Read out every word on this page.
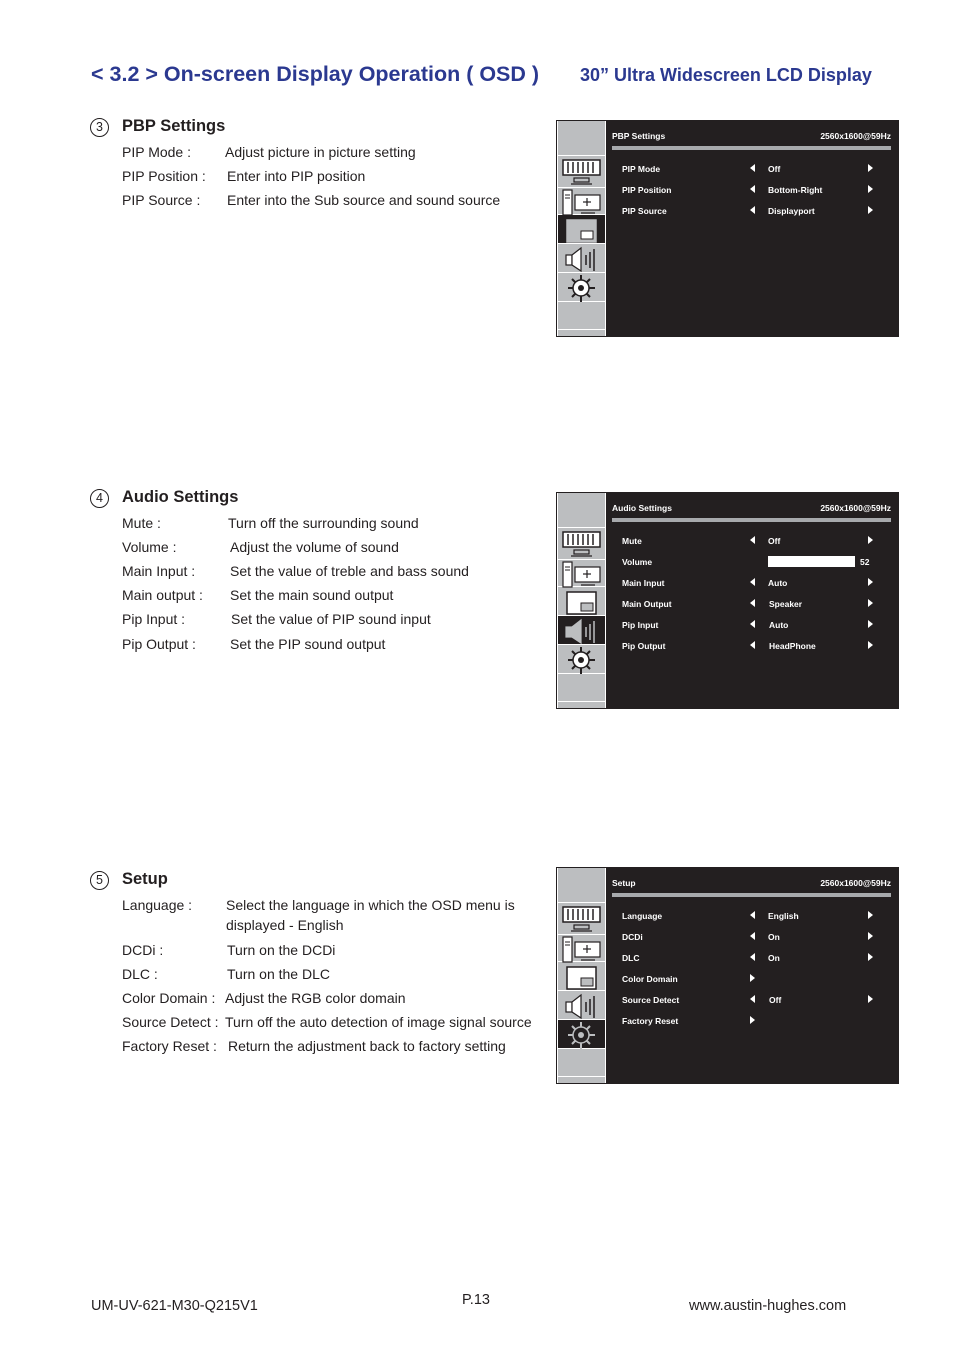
< 3.2 > On-screen Display Operation ( OSD ) 30” Ultra Widescreen LCD Display
3	PBP Settings
PIP Mode : Adjust picture in picture setting
PIP Position : Enter into PIP position
PIP Source : Enter into the Sub source and sound source
PBP Settings	2560x1600@59Hz
PIP Mode	Off
PIP Position	Bottom-Right
PIP Source	Displayport
4	Audio Settings
Mute :	Turn off the surrounding sound
Volume :	Adjust the volume of sound
Main Input : Set the value of treble and bass sound
Main output : Set the main sound output
Pip Input :	Set the value of PIP sound input
Pip Output : Set the PIP sound output
Audio Settings	2560x1600@59Hz
Mute	Off
Volume	52
Main Input	Auto
Main Output	Speaker
Pip Input	Auto
Pip Output	HeadPhone
5	Setup
Language : Select the language in which the OSD menu is
displayed - English
DCDi :	Turn on the DCDi
DLC :	Turn on the DLC
Color Domain : Adjust the RGB color domain
Source Detect : Turn off the auto detection of image signal source
Factory Reset : Return the adjustment back to factory setting
Setup	2560x1600@59Hz
Language	English
DCDi	On
DLC	On
Color Domain
Source Detect	Off
Factory Reset
UM-UV-621-M30-Q215V1	P.13	www.austin-hughes.com
